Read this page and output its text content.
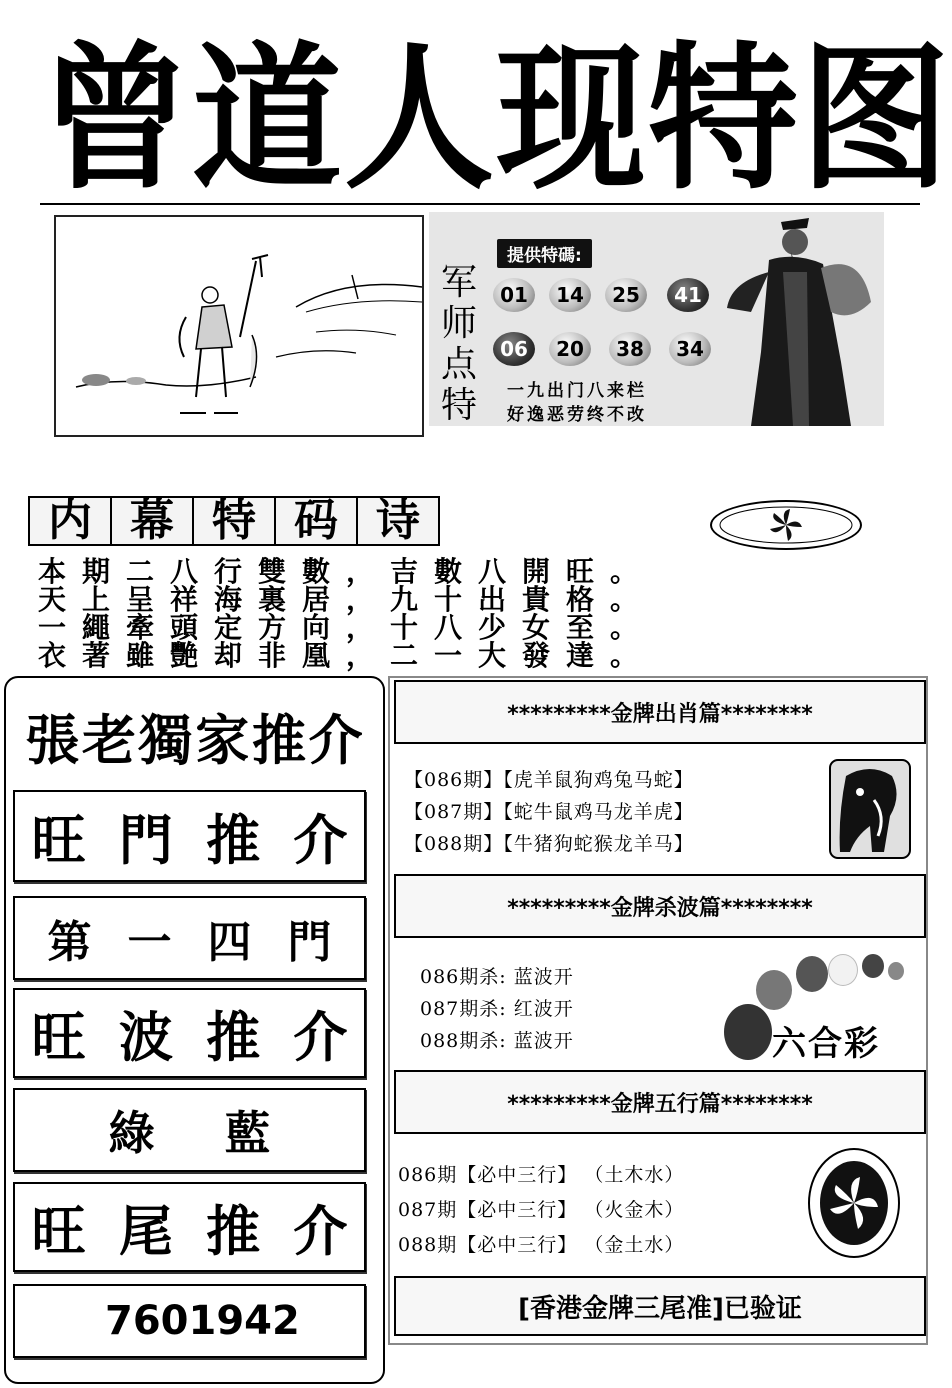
曾 道 人 现 特 图
提供特碼:
军
师
点
特
01	14	25	41
06	20	38	34
一九出门八来栏
好逸恶劳终不改
内 幕 特 码 诗
本期二八行雙數，吉數八開旺。
天上呈祥海裏居，九十出貴格。
一繩牽頭定方向，十八少女至。
衣著雖艷却非凰，二一大發達。
張 老 獨 家 推 介
旺 門 推 介
第 一 四 門
旺 波 推 介
綠 藍
旺 尾 推 介
7601942
*********金牌出肖篇********
【086期】【虎羊鼠狗鸡兔马蛇】
【087期】【蛇牛鼠鸡马龙羊虎】
【088期】【牛猪狗蛇猴龙羊马】
*********金牌杀波篇********
086期杀: 蓝波开
087期杀: 红波开
088期杀: 蓝波开	六合彩
*********金牌五行篇********
086期【必中三行】 （土木水）
087期【必中三行】 （火金木）
088期【必中三行】 （金土水）
[香港金牌三尾准]已验证
